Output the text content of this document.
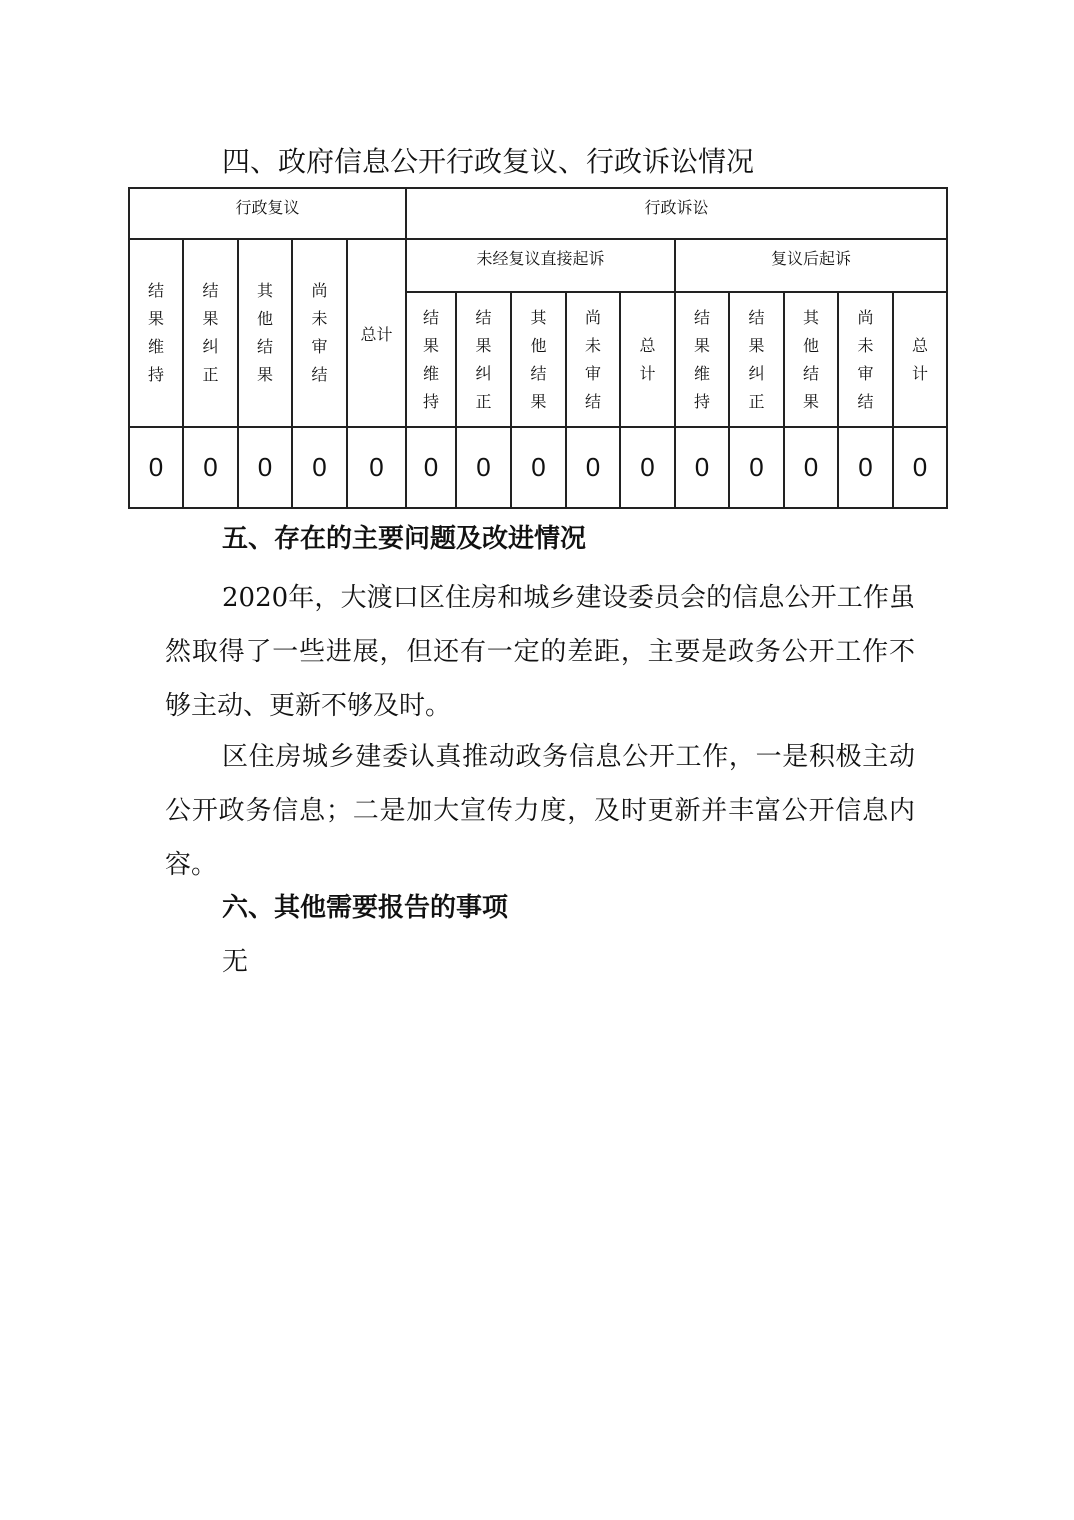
四、政府信息公开行政复议、行政诉讼情况
行政复议					行政诉讼									
结果维持	结果纠正	其他结果	尚未审结	总计	未经复议直接起诉					复议后起诉				
					结果维持	结果纠正	其他结果	尚未审结	总计	结果维持	结果纠正	其他结果	尚未审结	总计
0	0	0	0	0	0	0	0	0	0	0	0	0	0	0
五、存在的主要问题及改进情况
2020年，大渡口区住房和城乡建设委员会的信息公开工作虽然取得了一些进展，但还有一定的差距，主要是政务公开工作不够主动、更新不够及时。
区住房城乡建委认真推动政务信息公开工作，一是积极主动公开政务信息；二是加大宣传力度，及时更新并丰富公开信息内容。
六、其他需要报告的事项
无
